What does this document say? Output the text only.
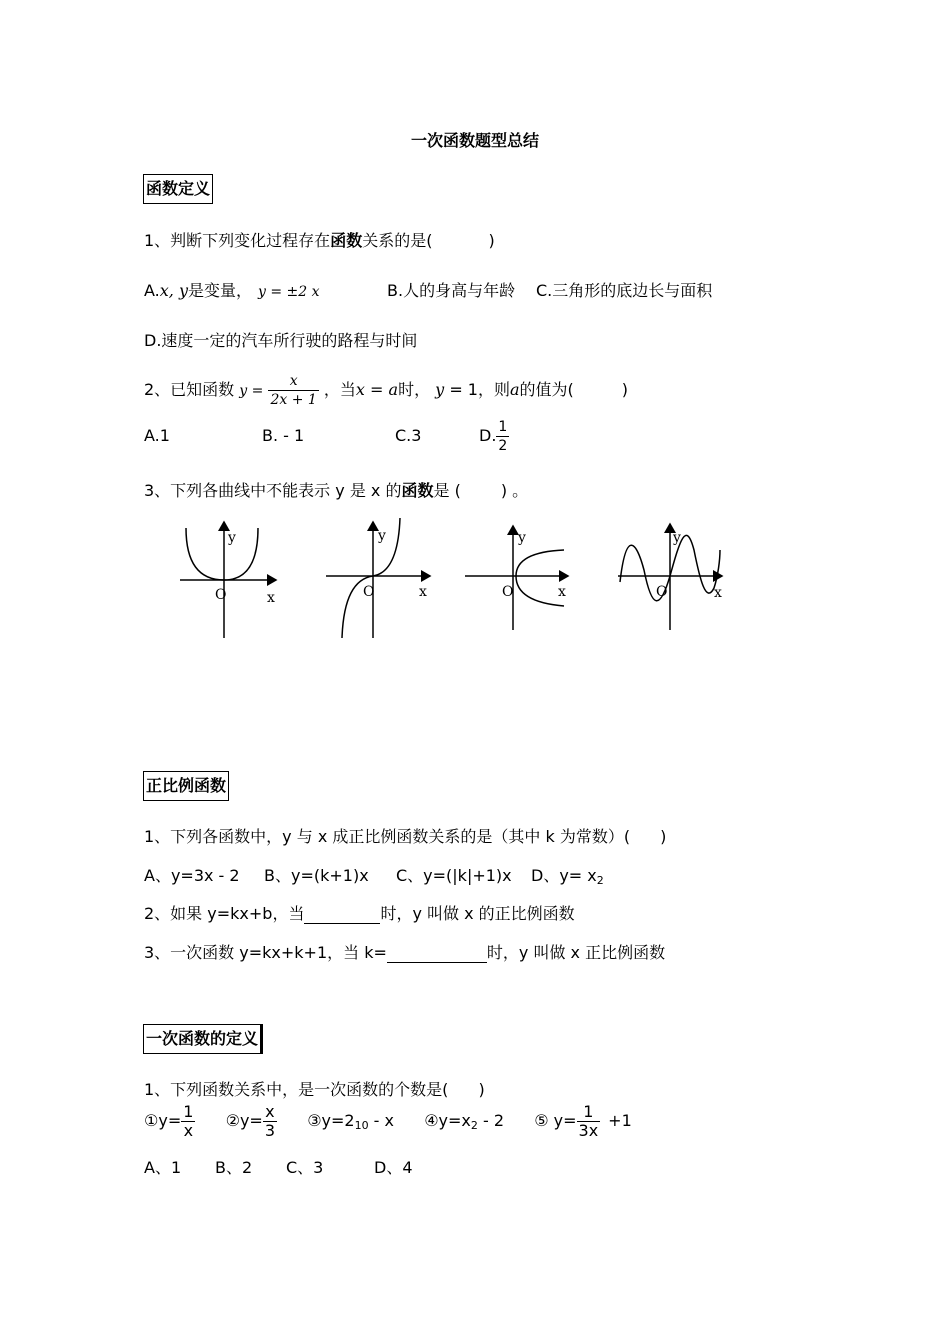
一次函数题型总结
函数定义
1、判断下列变化过程存在函数关系的是(	)
A.x, y是变量， y = ±2 x	B.人的身高与年龄 C.三角形的底边长与面积
D.速度一定的汽车所行驶的路程与时间
2、已知函数 $y = \frac{x}{2x + 1}$ ，当x = a时， y = 1，则a的值为(	)
A.1	B. - 1	C.3	D. $\frac{1}{2}$
3、下列各曲线中不能表示 y 是 x 的函数是 (	) 。
y
x
O
y
x
O
y
x
O
y
x
O
正比例函数
1、下列各函数中，y 与 x 成正比例函数关系的是（其中 k 为常数）( )
A、y=3x - 2 B、y=(k+1)x C、y=(|k|+1)x D、$y= x_2$
2、如果 y=kx+b，当	时，y 叫做 x 的正比例函数
3、一次函数 y=kx+k+1，当 k=	时，y 叫做 x 正比例函数
一次函数的定义
1、下列函数关系中，是一次函数的个数是( )
①y= $\frac{1}{x}$ ②y= $\frac{x}{3}$ $③y=2_{10} - x$ $④y=x_2 - 2$ ⑤ $y= \frac{1}{3x} +1$
A、1 B、2 C、3	D、4
